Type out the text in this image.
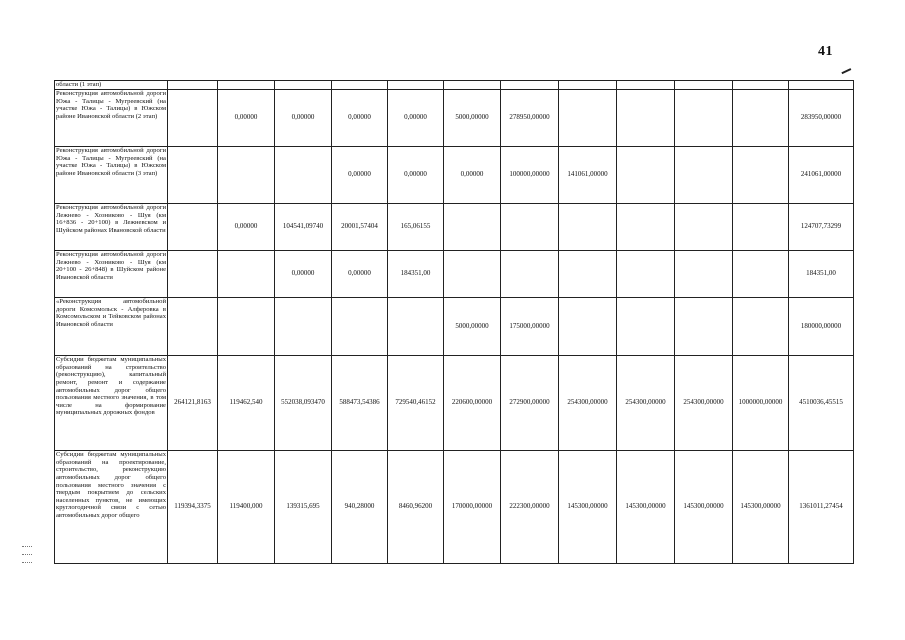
41
области (1 этап)												
Реконструкция автомобильной дороги Южа - Талицы - Мугреевский (на участке Южа - Талицы) в Южском районе Ивановской области (2 этап)		0,00000	0,00000	0,00000	0,00000	5000,00000	278950,00000					283950,00000
Реконструкция автомобильной дороги Южа - Талицы - Мугреевский (на участке Южа - Талицы) в Южском районе Ивановской области (3 этап)				0,00000	0,00000	0,00000	100000,00000	141061,00000				241061,00000
Реконструкция автомобильной дороги Лежнево - Хозниково - Шуя (км 16+836 - 20+100) в Лежневском и Шуйском районах Ивановской области		0,00000	104541,09740	20001,57404	165,06155							124707,73299
Реконструкция автомобильной дороги Лежнево - Хозниково - Шуя (км 20+100 - 26+848) в Шуйском районе Ивановской области			0,00000	0,00000	184351,00							184351,00
«Реконструкция автомобильной дороги Комсомольск - Алферовка в Комсомольском и Тейковском районах Ивановской области						5000,00000	175000,00000					180000,00000
Субсидии бюджетам муниципальных образований на строительство (реконструкцию), капитальный ремонт, ремонт и содержание автомобильных дорог общего пользования местного значения, в том числе на формирование муниципальных дорожных фондов	264121,8163	119462,540	552038,093470	588473,54386	729540,46152	220600,00000	272900,00000	254300,00000	254300,00000	254300,00000	1000000,00000	4510036,45515
Субсидии бюджетам муниципальных образований на проектирование, строительство, реконструкцию автомобильных дорог общего пользования местного значения с твердым покрытием до сельских населенных пунктов, не имеющих круглогодичной связи с сетью автомобильных дорог общего	119394,3375	119400,000	139315,695	940,28000	8460,96200	170000,00000	222300,00000	145300,00000	145300,00000	145300,00000	145300,00000	1361011,27454
